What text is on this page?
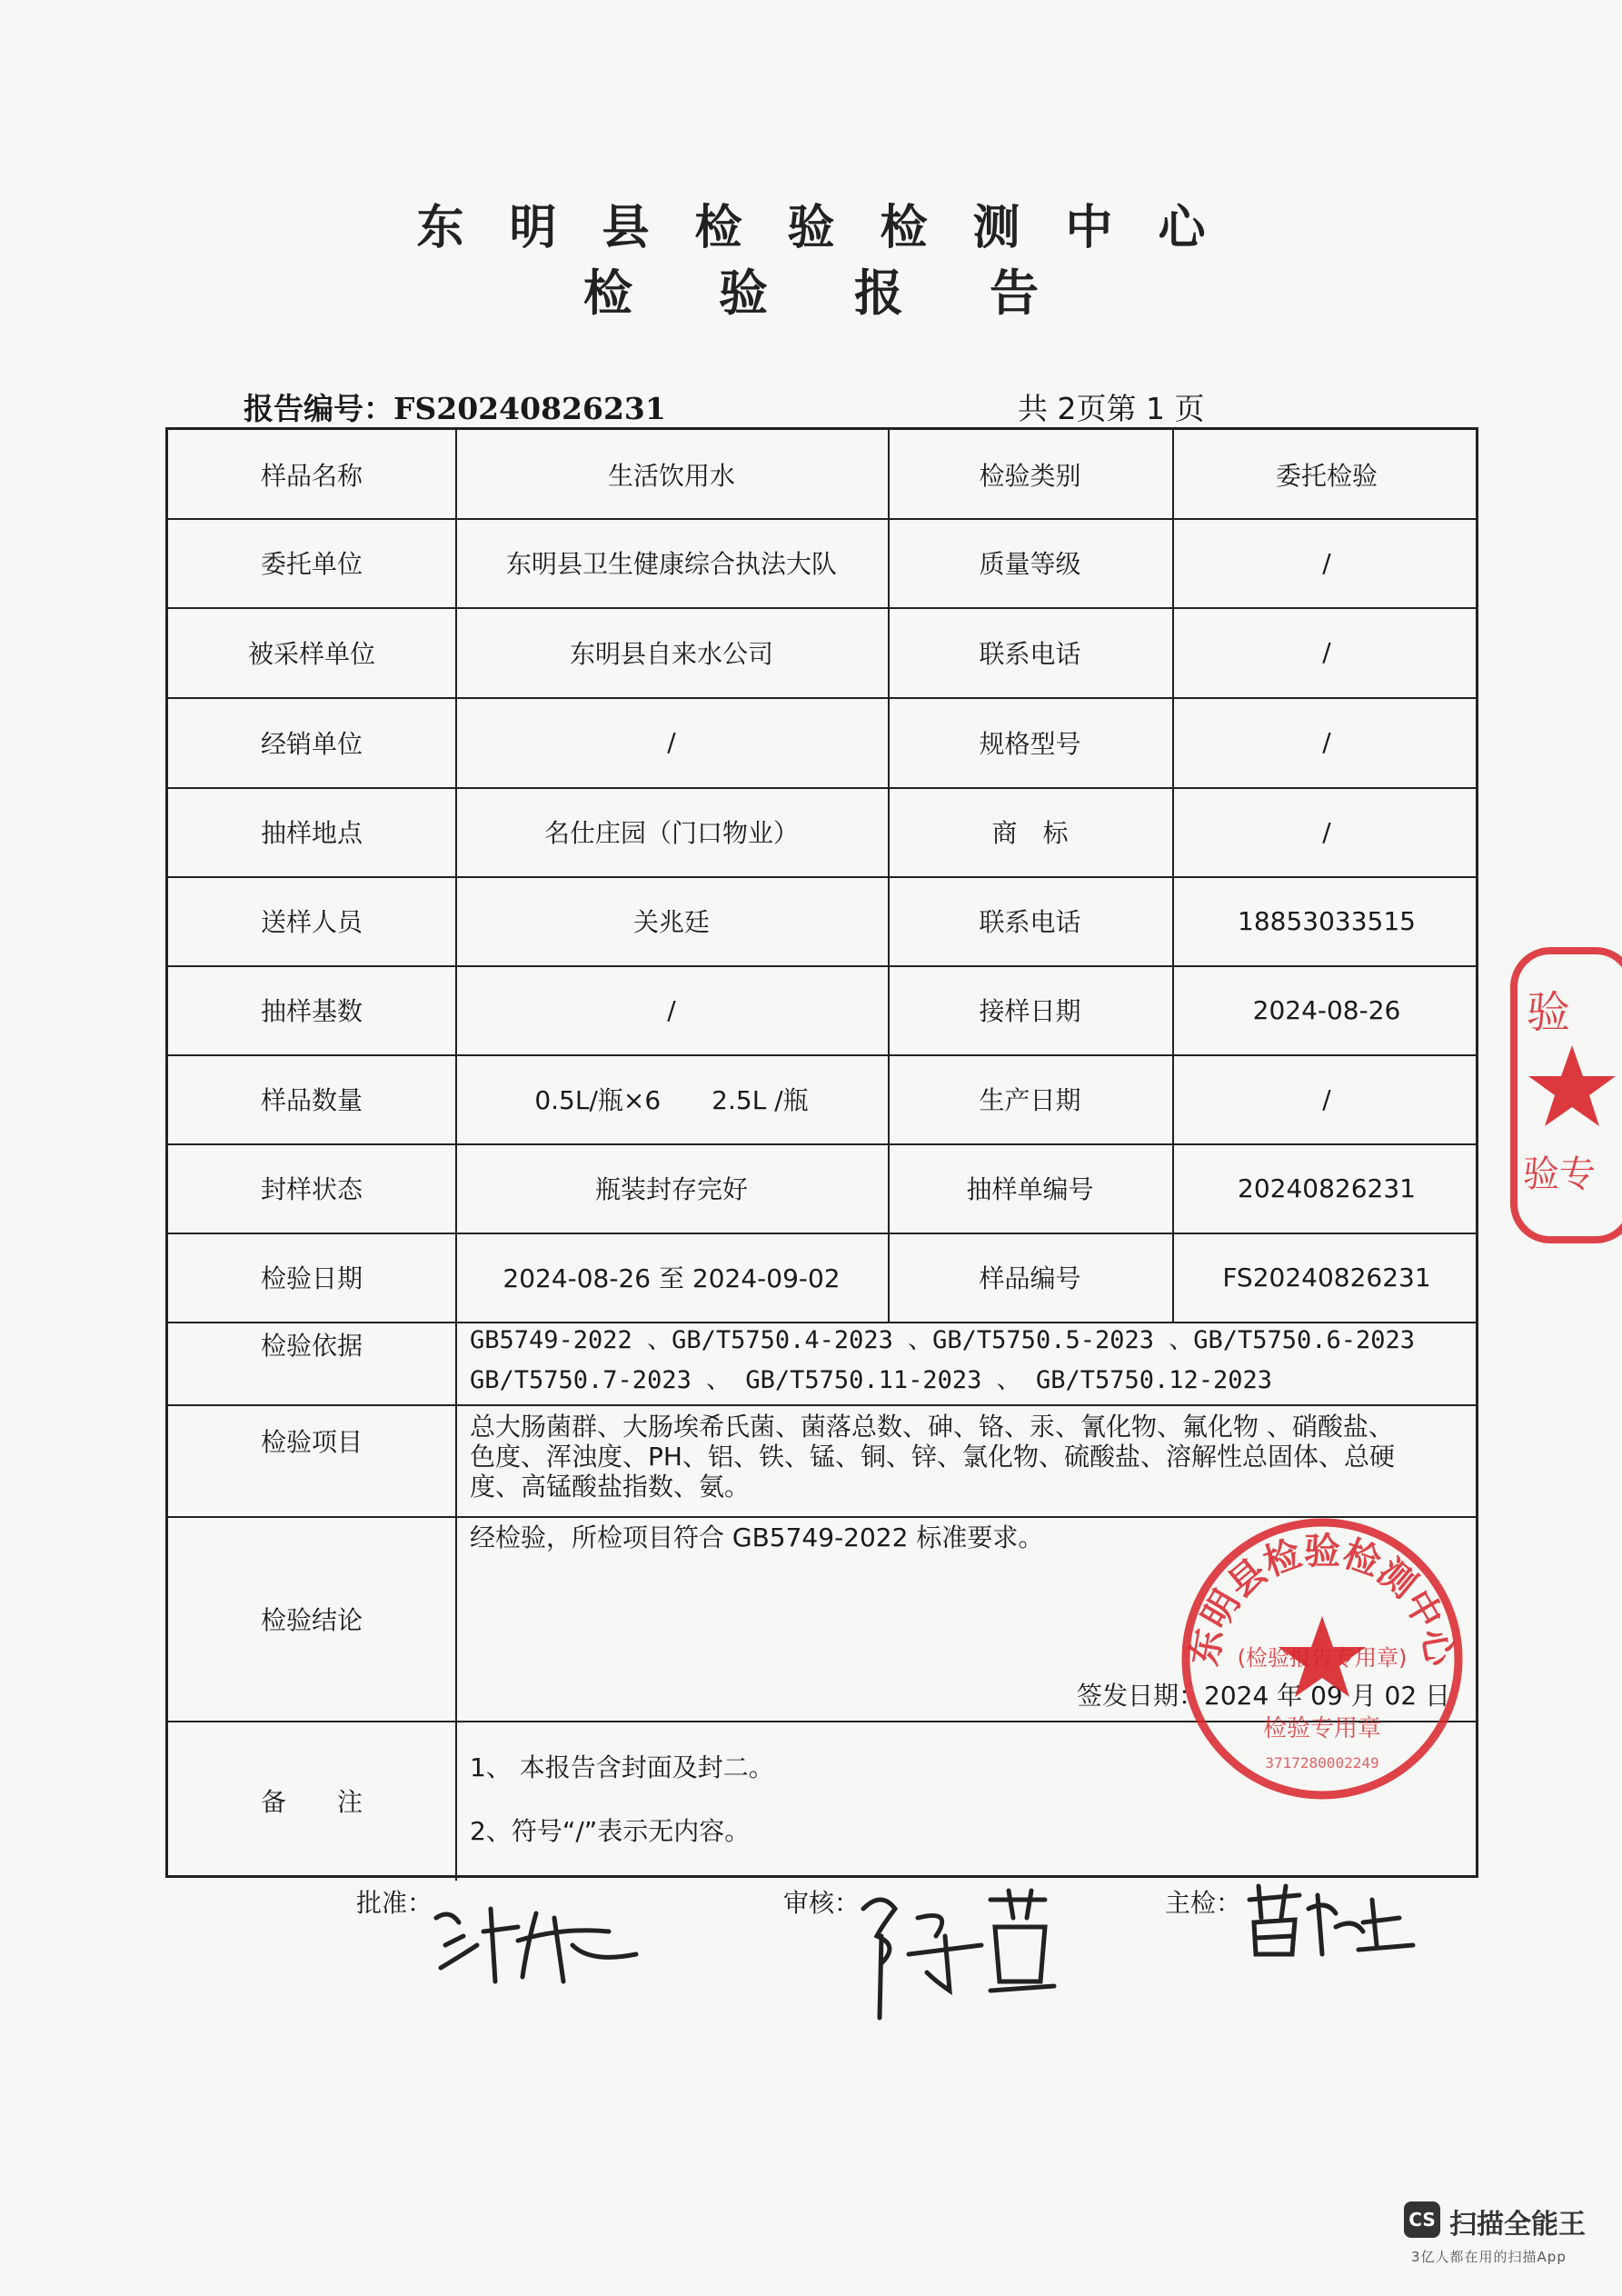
东明县检验检测中心
检验报告
报告编号：FS20240826231	共 2页第 1 页
样品名称	生活饮用水	检验类别	委托检验
委托单位	东明县卫生健康综合执法大队	质量等级	/
被采样单位	东明县自来水公司	联系电话	/
经销单位	/	规格型号	/
抽样地点	名仕庄园（门口物业）	商　标	/
送样人员	关兆廷	联系电话	18853033515
抽样基数	/	接样日期	2024-08-26
样品数量	0.5L/瓶×6　　2.5L /瓶	生产日期	/
封样状态	瓶装封存完好	抽样单编号	20240826231
检验日期	2024-08-26 至 2024-09-02	样品编号	FS20240826231
检验依据	GB5749-2022 、GB/T5750.4-2023 、GB/T5750.5-2023 、GB/T5750.6-2023
GB/T5750.7-2023 、 GB/T5750.11-2023 、 GB/T5750.12-2023
检验项目
总大肠菌群、大肠埃希氏菌、菌落总数、砷、铬、汞、氰化物、氟化物 、硝酸盐、
色度、浑浊度、PH、铝、铁、锰、铜、锌、氯化物、硫酸盐、溶解性总固体、总硬
度、高锰酸盐指数、氨。
检验结论
经检验，所检项目符合 GB5749-2022 标准要求。
签发日期：2024 年 09 月 02 日
备　　注
1、 本报告含封面及封二。
2、符号“/”表示无内容。
东明县检验检测中心
(检验报告专用章)
检验专用章
3717280002249
验
验专
批准：	审核：	主检：
CS 扫描全能王
3亿人都在用的扫描App
